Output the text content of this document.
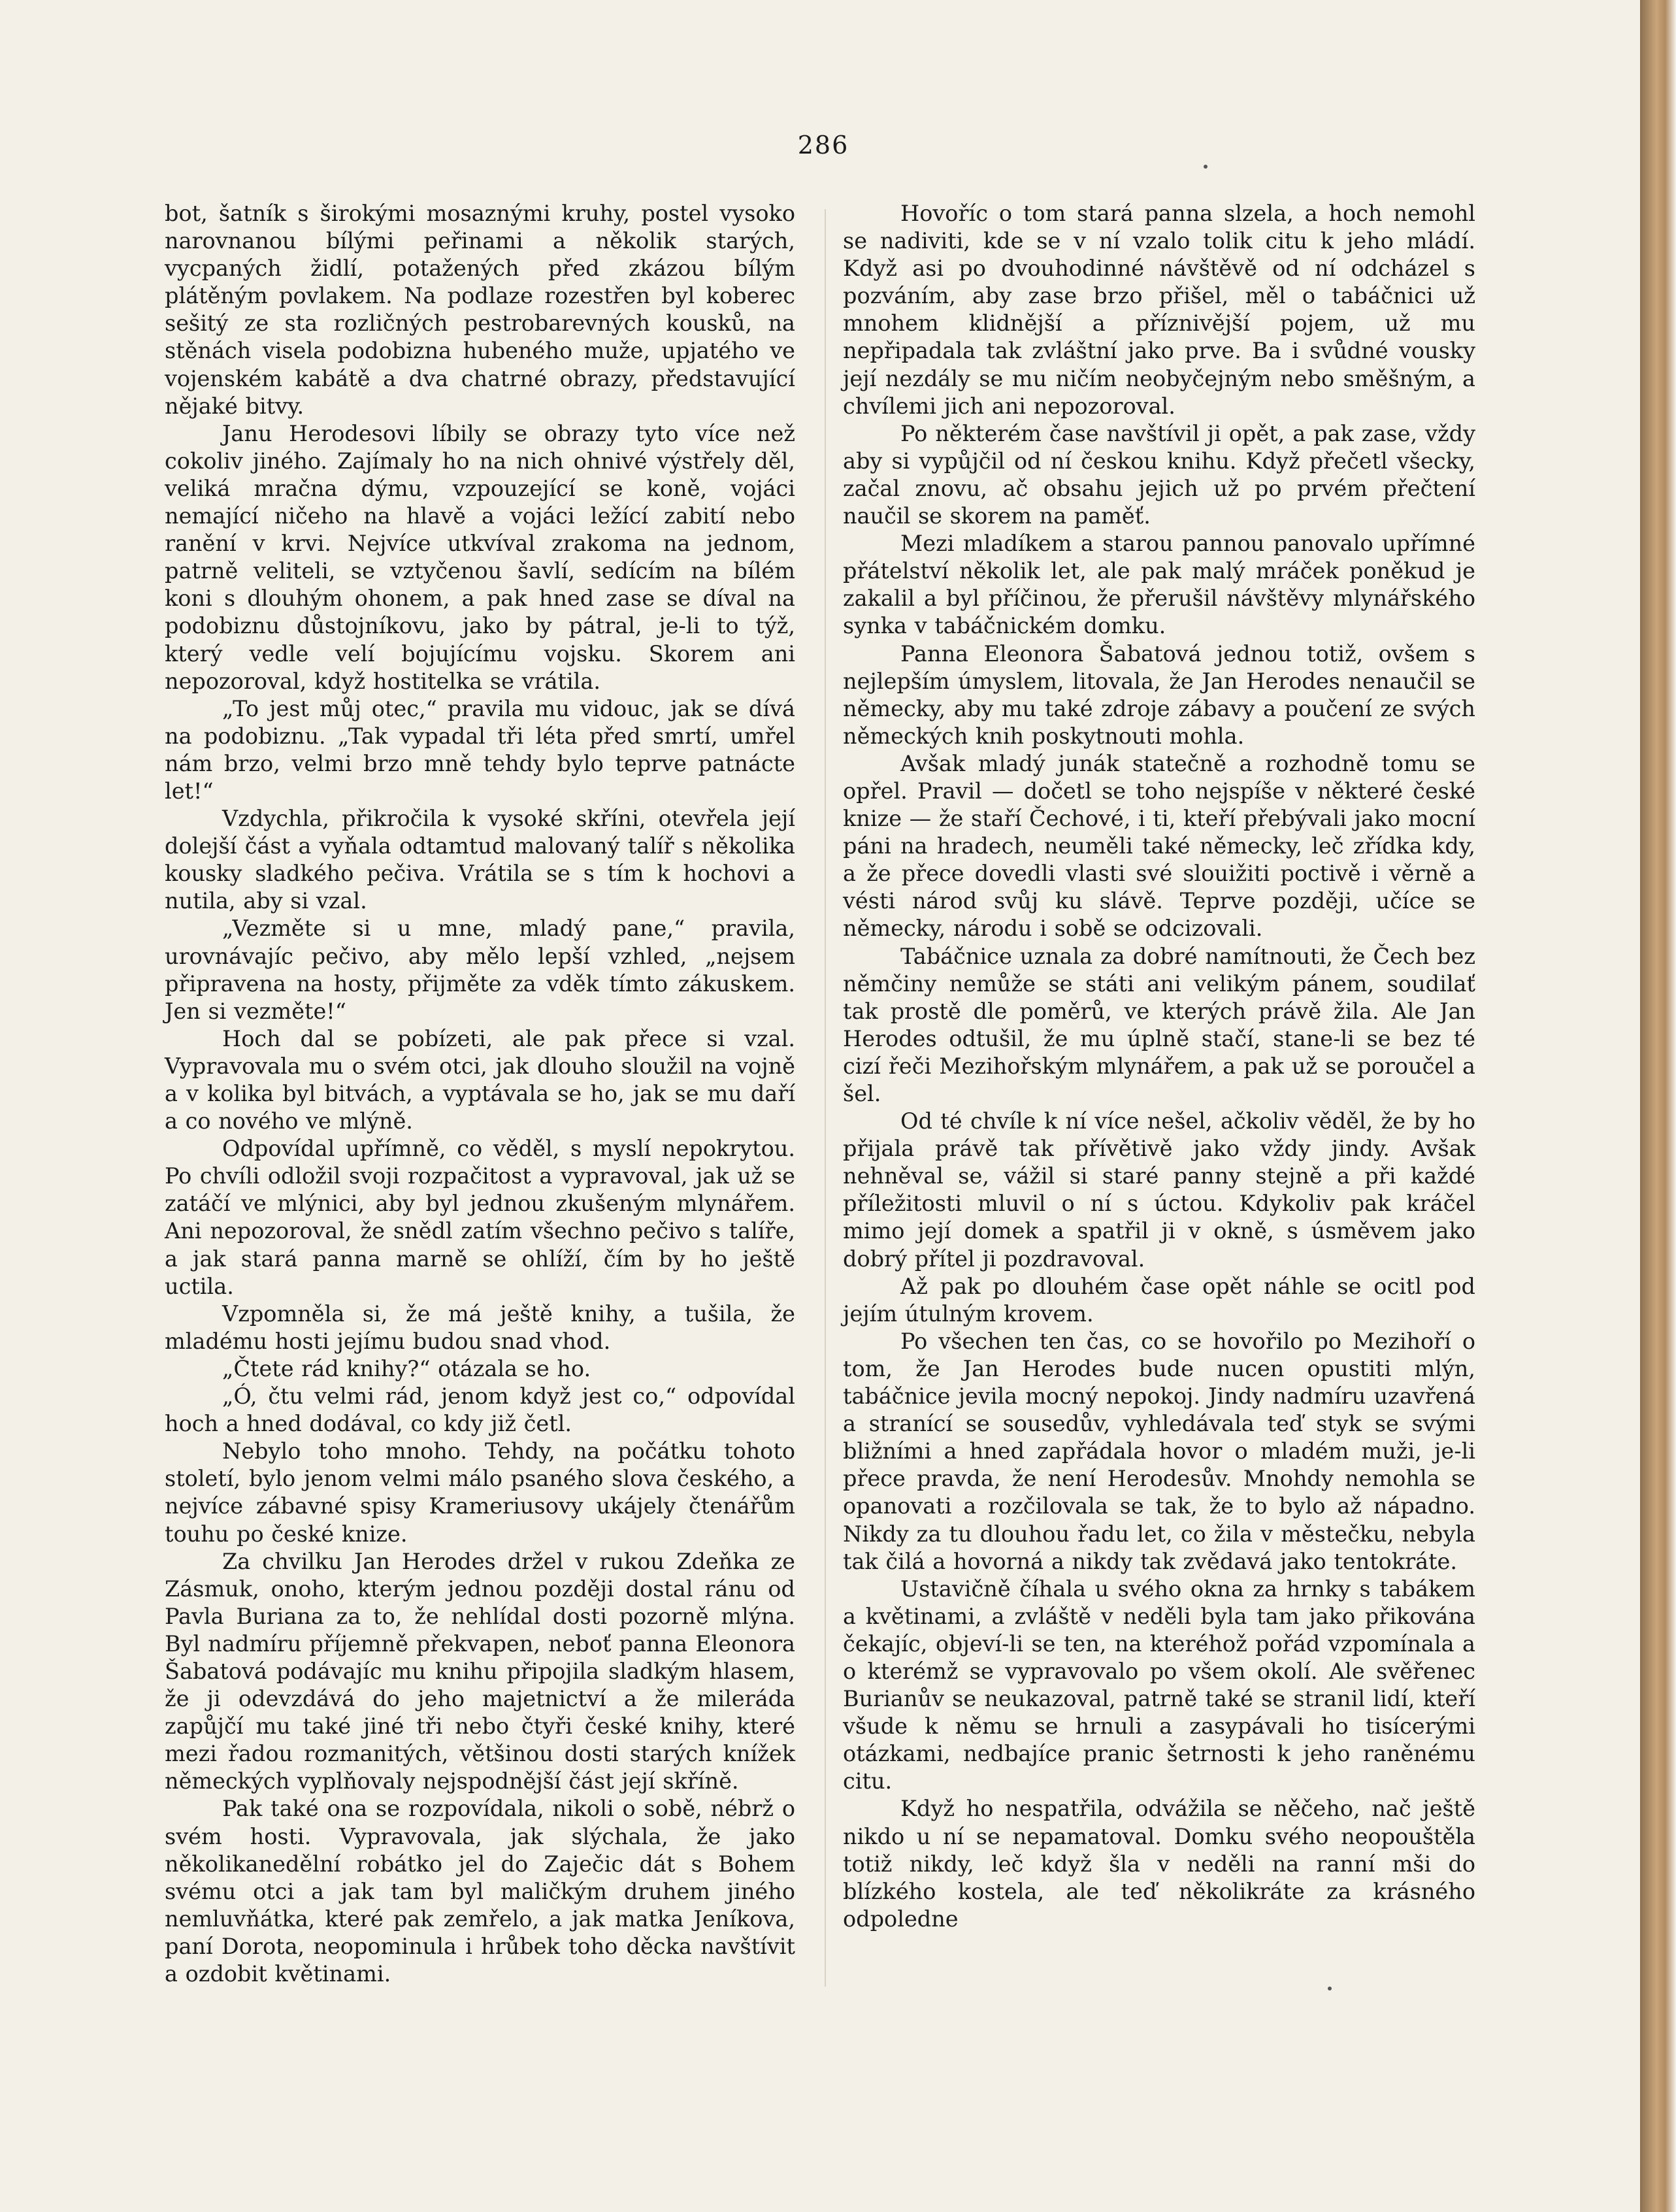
286

bot, šatník s širokými mosaznými kruhy, postel vysoko narovnanou bílými peřinami a několik starých, vycpaných židlí, potažených před zkázou bílým plátěným povlakem. Na podlaze rozestřen byl koberec sešitý ze sta rozličných pestrobarevných kousků, na stěnách visela podobizna hubeného muže, upjatého ve vojenském kabátě a dva chatrné obrazy, představující nějaké bitvy.

Janu Herodesovi líbily se obrazy tyto více než cokoliv jiného. Zajímaly ho na nich ohnivé výstřely děl, veliká mračna dýmu, vzpouzející se koně, vojáci nemající ničeho na hlavě a vojáci ležící zabití nebo ranění v krvi. Nejvíce utkvíval zrakoma na jednom, patrně veliteli, se vztyčenou šavlí, sedícím na bílém koni s dlouhým ohonem, a pak hned zase se díval na podobiznu důstojníkovu, jako by pátral, je-li to týž, který vedle velí bojujícímu vojsku. Skorem ani nepozoroval, když hostitelka se vrátila.

„To jest můj otec,“ pravila mu vidouc, jak se dívá na podobiznu. „Tak vypadal tři léta před smrtí, umřel nám brzo, velmi brzo mně tehdy bylo teprve patnácte let!“

Vzdychla, přikročila k vysoké skříni, otevřela její dolejší část a vyňala odtamtud malovaný talíř s několika kousky sladkého pečiva. Vrátila se s tím k hochovi a nutila, aby si vzal.

„Vezměte si u mne, mladý pane,“ pravila, urovnávajíc pečivo, aby mělo lepší vzhled, „nejsem připravena na hosty, přijměte za vděk tímto zákuskem. Jen si vezměte!“

Hoch dal se pobízeti, ale pak přece si vzal. Vypravovala mu o svém otci, jak dlouho sloužil na vojně a v kolika byl bitvách, a vyptávala se ho, jak se mu daří a co nového ve mlýně.

Odpovídal upřímně, co věděl, s myslí nepokrytou. Po chvíli odložil svoji rozpačitost a vypravoval, jak už se zatáčí ve mlýnici, aby byl jednou zkušeným mlynářem. Ani nepozoroval, že snědl zatím všechno pečivo s talíře, a jak stará panna marně se ohlíží, čím by ho ještě uctila.

Vzpomněla si, že má ještě knihy, a tušila, že mladému hosti jejímu budou snad vhod.

„Čtete rád knihy?“ otázala se ho.

„Ó, čtu velmi rád, jenom když jest co,“ odpovídal hoch a hned dodával, co kdy již četl.

Nebylo toho mnoho. Tehdy, na počátku tohoto století, bylo jenom velmi málo psaného slova českého, a nejvíce zábavné spisy Krameriusovy ukájely čtenářům touhu po české knize.

Za chvilku Jan Herodes držel v rukou Zdeňka ze Zásmuk, onoho, kterým jednou později dostal ránu od Pavla Buriana za to, že nehlídal dosti pozorně mlýna. Byl nadmíru příjemně překvapen, neboť panna Eleonora Šabatová podávajíc mu knihu připojila sladkým hlasem, že ji odevzdává do jeho majetnictví a že mileráda zapůjčí mu také jiné tři nebo čtyři české knihy, které mezi řadou rozmanitých, většinou dosti starých knížek německých vyplňovaly nejspodnější část její skříně.

Pak také ona se rozpovídala, nikoli o sobě, nébrž o svém hosti. Vypravovala, jak slýchala, že jako několikanedělní robátko jel do Zaječic dát s Bohem svému otci a jak tam byl maličkým druhem jiného nemluvňátka, které pak zemřelo, a jak matka Jeníkova, paní Dorota, neopominula i hrůbek toho děcka navštívit a ozdobit květinami.

Hovoříc o tom stará panna slzela, a hoch nemohl se nadiviti, kde se v ní vzalo tolik citu k jeho mládí. Když asi po dvouhodinné návštěvě od ní odcházel s pozváním, aby zase brzo přišel, měl o tabáčnici už mnohem klidnější a příznivější pojem, už mu nepřipadala tak zvláštní jako prve. Ba i svůdné vousky její nezdály se mu ničím neobyčejným nebo směšným, a chvílemi jich ani nepozoroval.

Po některém čase navštívil ji opět, a pak zase, vždy aby si vypůjčil od ní českou knihu. Když přečetl všecky, začal znovu, ač obsahu jejich už po prvém přečtení naučil se skorem na paměť.

Mezi mladíkem a starou pannou panovalo upřímné přátelství několik let, ale pak malý mráček poněkud je zakalil a byl příčinou, že přerušil návštěvy mlynářského synka v tabáčnickém domku.

Panna Eleonora Šabatová jednou totiž, ovšem s nejlepším úmyslem, litovala, že Jan Herodes nenaučil se německy, aby mu také zdroje zábavy a poučení ze svých německých knih poskytnouti mohla.

Avšak mladý junák statečně a rozhodně tomu se opřel. Pravil — dočetl se toho nejspíše v některé české knize — že staří Čechové, i ti, kteří přebývali jako mocní páni na hradech, neuměli také německy, leč zřídka kdy, a že přece dovedli vlasti své slouižiti poctivě i věrně a vésti národ svůj ku slávě. Teprve později, učíce se německy, národu i sobě se odcizovali.

Tabáčnice uznala za dobré namítnouti, že Čech bez němčiny nemůže se státi ani velikým pánem, soudilať tak prostě dle poměrů, ve kterých právě žila. Ale Jan Herodes odtušil, že mu úplně stačí, stane-li se bez té cizí řeči Mezihořským mlynářem, a pak už se poroučel a šel.

Od té chvíle k ní více nešel, ačkoliv věděl, že by ho přijala právě tak přívětivě jako vždy jindy. Avšak nehněval se, vážil si staré panny stejně a při každé příležitosti mluvil o ní s úctou. Kdykoliv pak kráčel mimo její domek a spatřil ji v okně, s úsměvem jako dobrý přítel ji pozdravoval.

Až pak po dlouhém čase opět náhle se ocitl pod jejím útulným krovem.

Po všechen ten čas, co se hovořilo po Mezihoří o tom, že Jan Herodes bude nucen opustiti mlýn, tabáčnice jevila mocný nepokoj. Jindy nadmíru uzavřená a stranící se sousedův, vyhledávala teď styk se svými bližními a hned zapřádala hovor o mladém muži, je-li přece pravda, že není Herodesův. Mnohdy nemohla se opanovati a rozčilovala se tak, že to bylo až nápadno. Nikdy za tu dlouhou řadu let, co žila v městečku, nebyla tak čilá a hovorná a nikdy tak zvědavá jako tentokráte.

Ustavičně číhala u svého okna za hrnky s tabákem a květinami, a zvláště v neděli byla tam jako přikována čekajíc, objeví-li se ten, na kteréhož pořád vzpomínala a o kterémž se vypravovalo po všem okolí. Ale svěřenec Burianův se neukazoval, patrně také se stranil lidí, kteří všude k němu se hrnuli a zasypávali ho tisícerými otázkami, nedbajíce pranic šetrnosti k jeho raněnému citu.

Když ho nespatřila, odvážila se něčeho, nač ještě nikdo u ní se nepamatoval. Domku svého neopouštěla totiž nikdy, leč když šla v neděli na ranní mši do blízkého kostela, ale teď několikráte za krásného odpoledne
